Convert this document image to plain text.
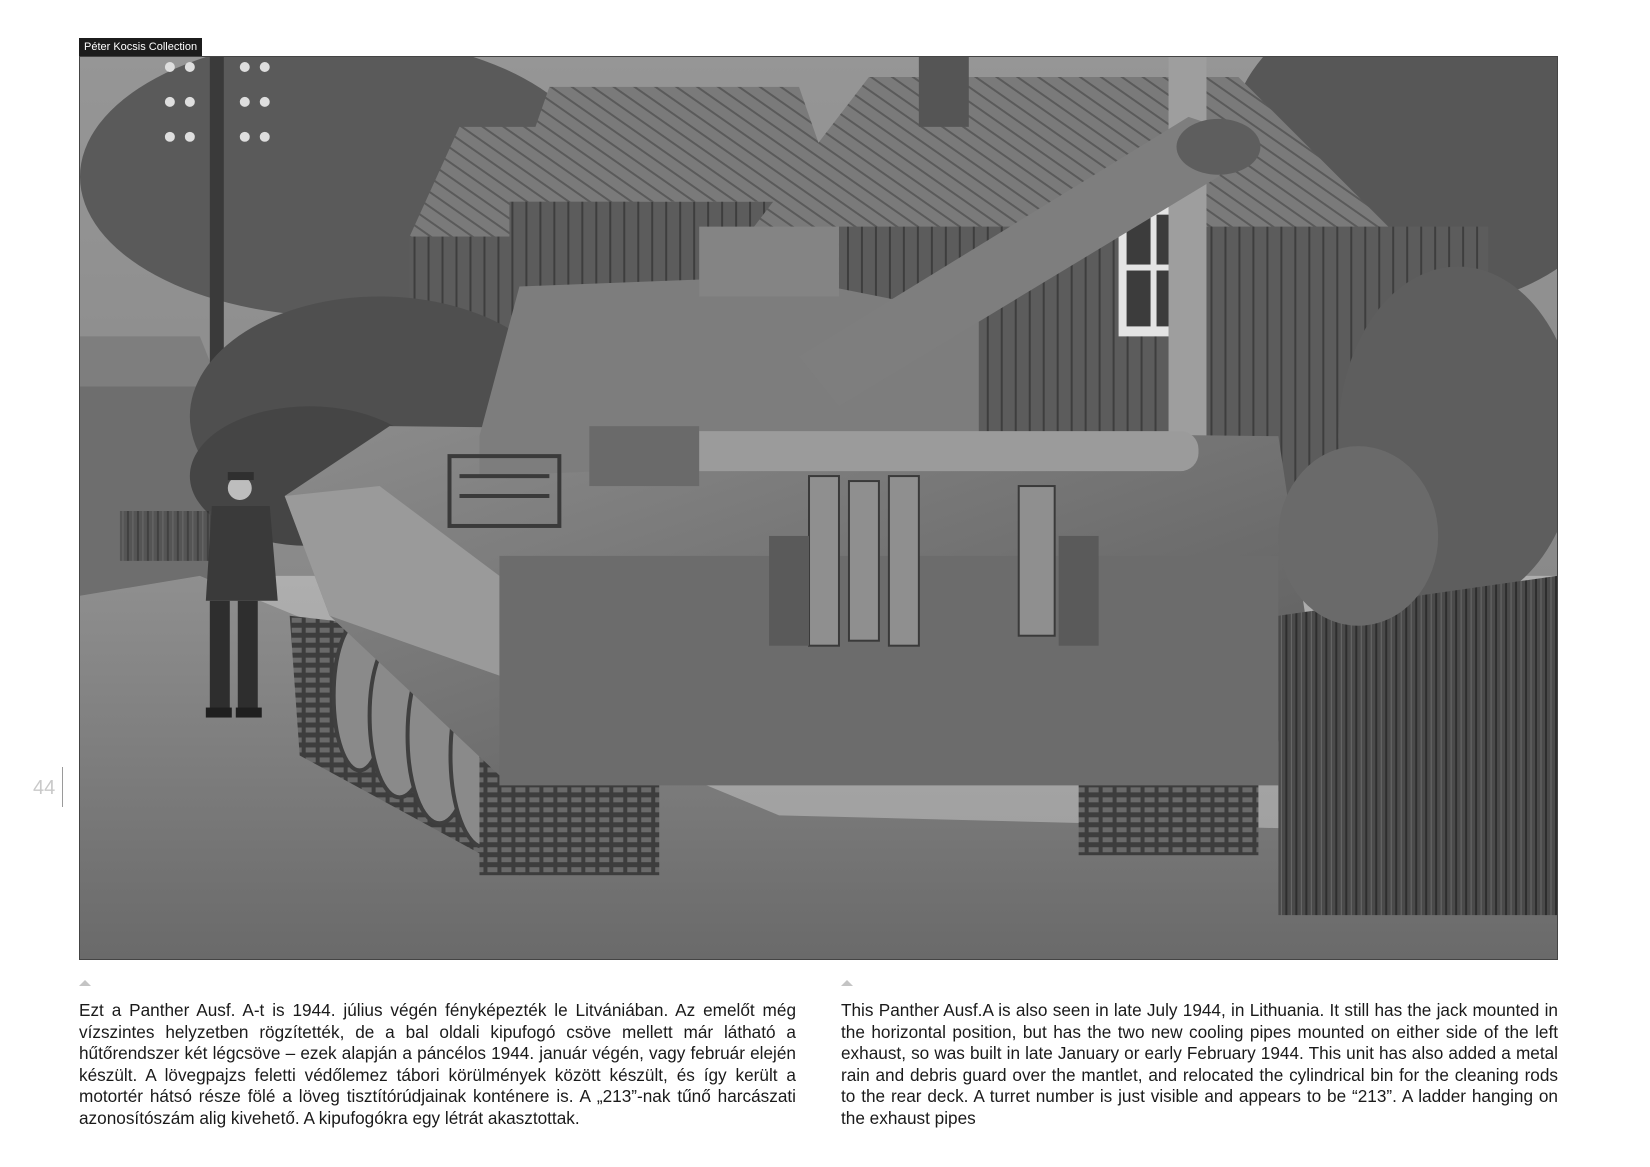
Péter Kocsis Collection
44

Ezt a Panther Ausf. A-t is 1944. július végén fényképezték le Litvániában. Az emelőt még vízszintes helyzetben rögzítették, de a bal oldali kipufogó csöve mellett már látható a hűtőrendszer két légcsöve – ezek alapján a páncélos 1944. január végén, vagy február elején készült. A lövegpajzs feletti védőlemez tábori körülmények között készült, és így került a motortér hátsó része fölé a löveg tisztítórúdjainak konténere is. A „213”-nak tűnő harcászati azonosítószám alig kivehető. A kipufogókra egy létrát akasztottak.

This Panther Ausf.A is also seen in late July 1944, in Lithuania. It still has the jack mounted in the horizontal position, but has the two new cooling pipes mounted on either side of the left exhaust, so was built in late January or early February 1944. This unit has also added a metal rain and debris guard over the mantlet, and relocated the cylindrical bin for the cleaning rods to the rear deck. A turret number is just visible and appears to be “213”. A ladder hanging on the exhaust pipes
